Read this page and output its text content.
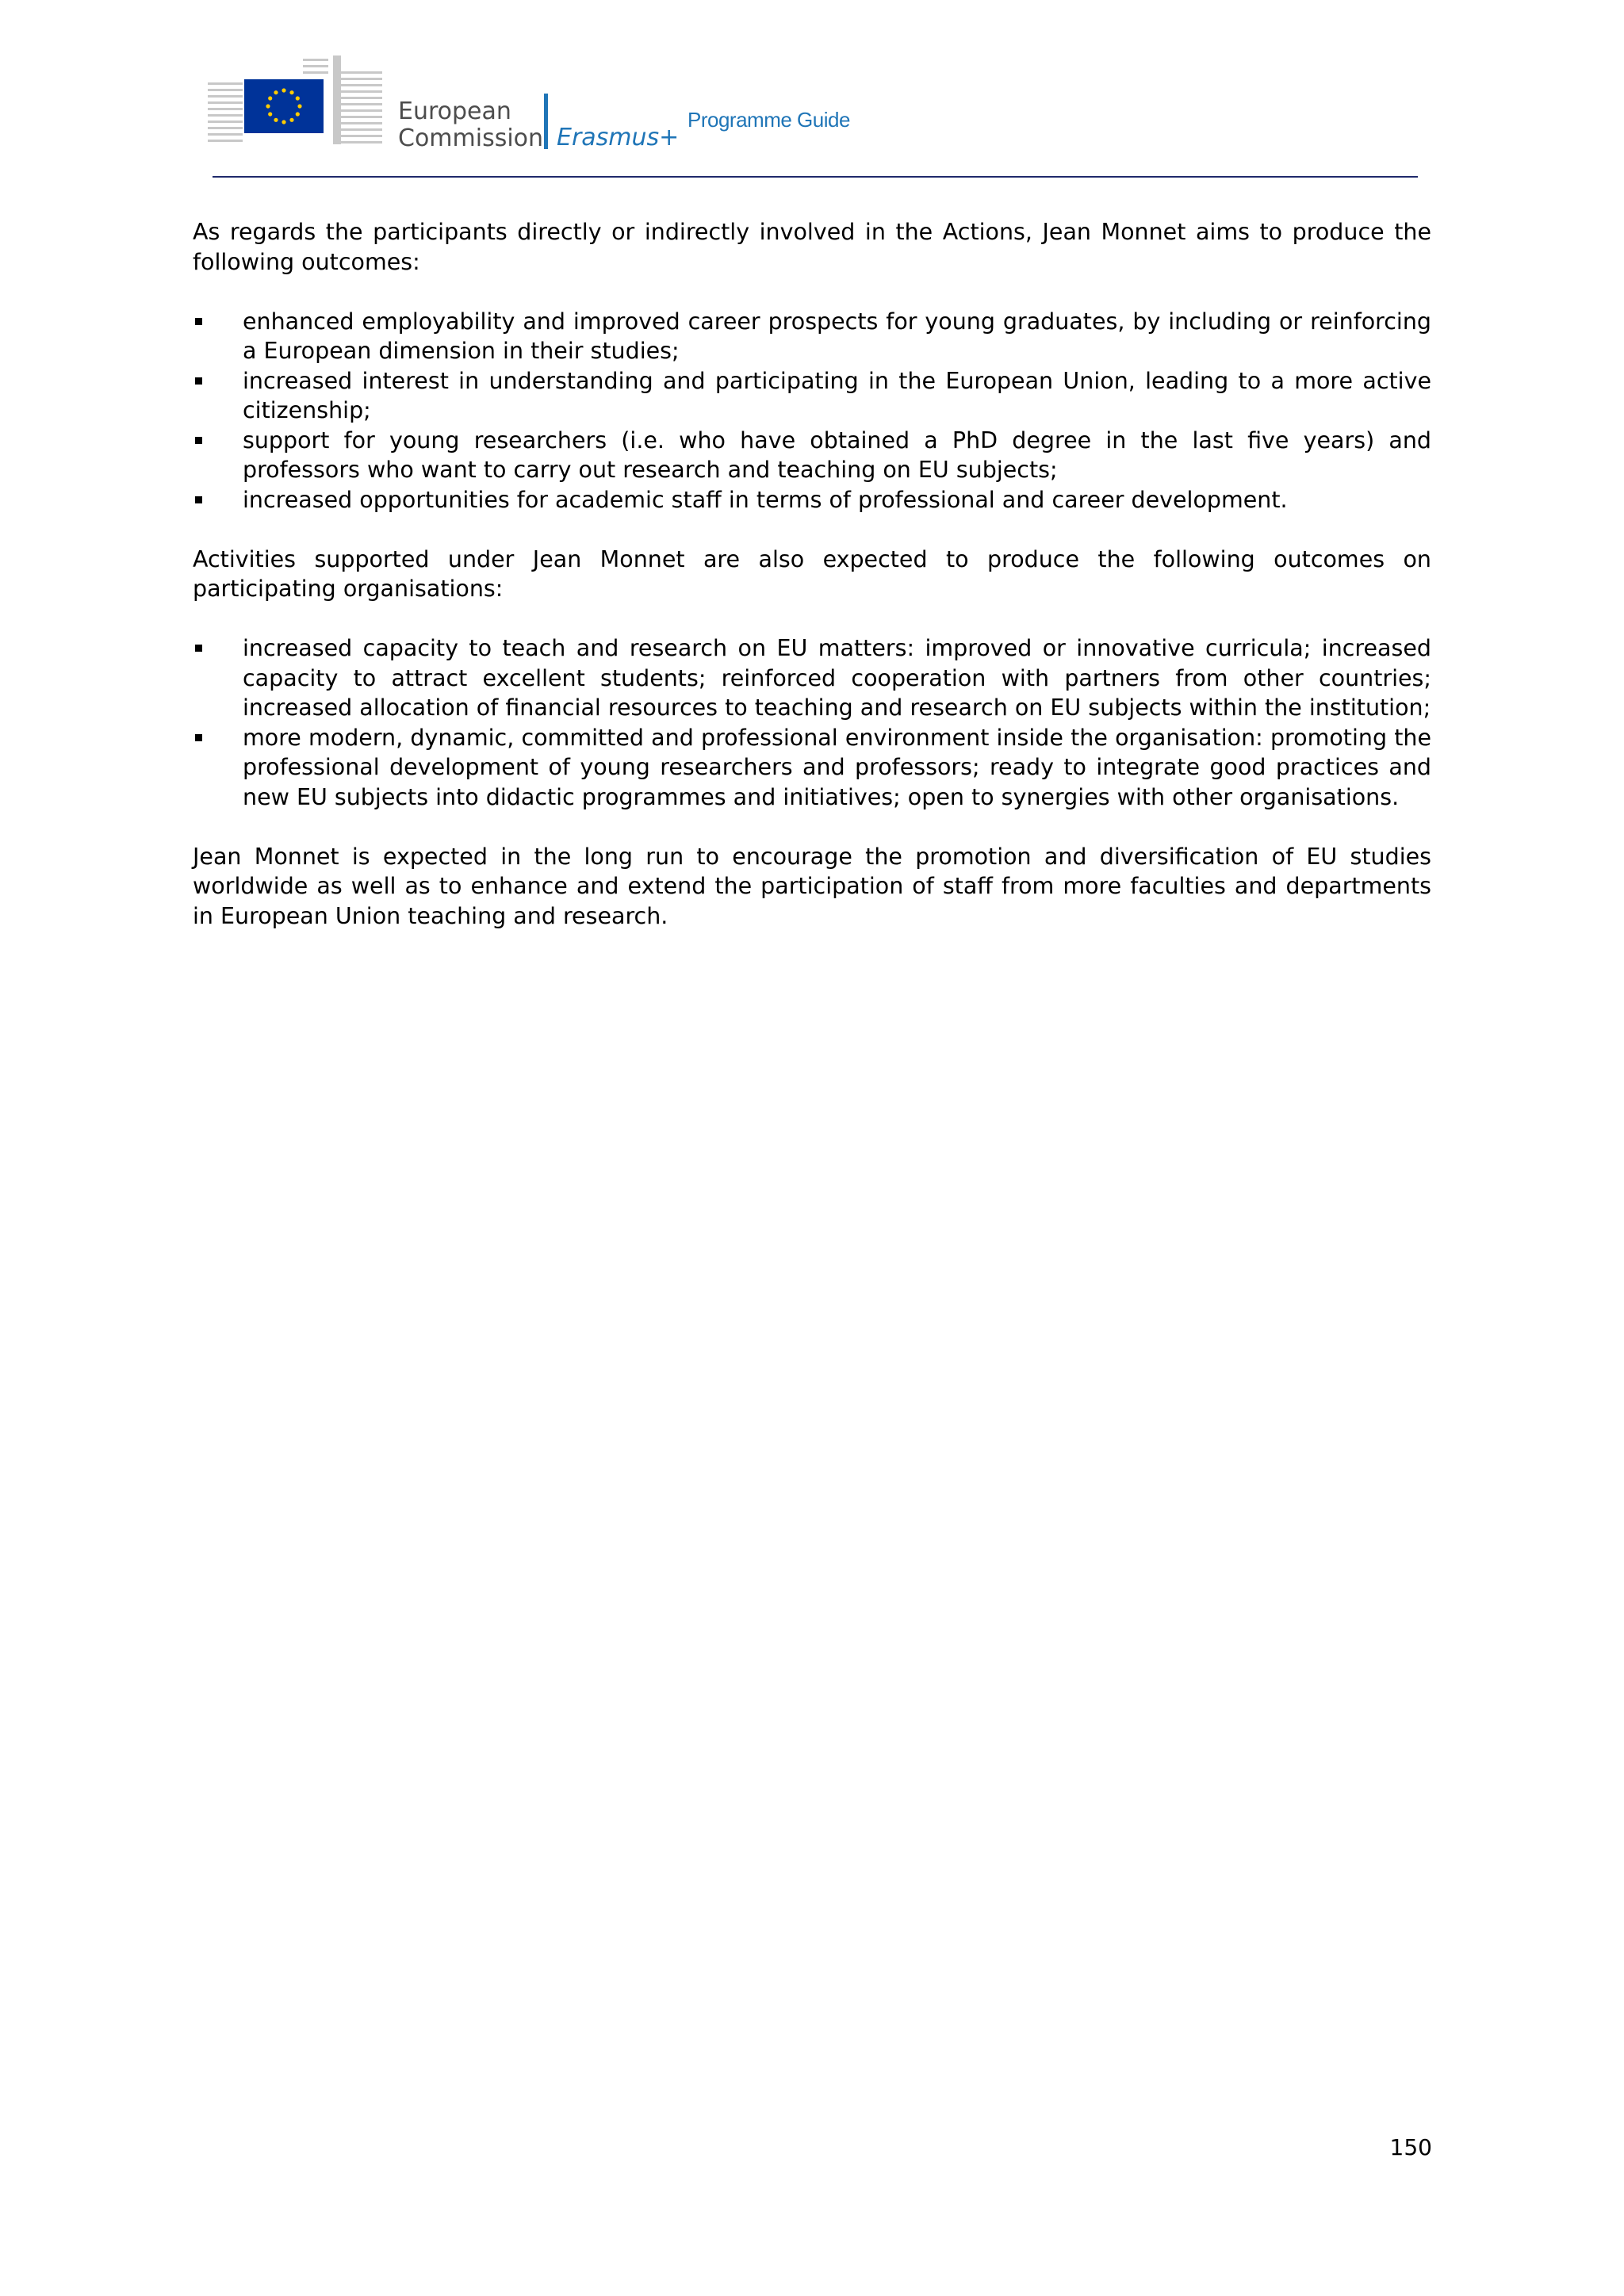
European
Commission Erasmus+
Programme Guide

As regards the participants directly or indirectly involved in the Actions, Jean Monnet aims to produce the following outcomes:

enhanced employability and improved career prospects for young graduates, by including or reinforcing a European dimension in their studies;
increased interest in understanding and participating in the European Union, leading to a more active citizenship;
support for young researchers (i.e. who have obtained a PhD degree in the last five years) and professors who want to carry out research and teaching on EU subjects;
increased opportunities for academic staff in terms of professional and career development.

Activities supported under Jean Monnet are also expected to produce the following outcomes on participating organisations:

increased capacity to teach and research on EU matters: improved or innovative curricula; increased capacity to attract excellent students; reinforced cooperation with partners from other countries; increased allocation of financial resources to teaching and research on EU subjects within the institution;
more modern, dynamic, committed and professional environment inside the organisation: promoting the professional development of young researchers and professors; ready to integrate good practices and new EU subjects into didactic programmes and initiatives; open to synergies with other organisations.

Jean Monnet is expected in the long run to encourage the promotion and diversification of EU studies worldwide as well as to enhance and extend the participation of staff from more faculties and departments in European Union teaching and research.

150
